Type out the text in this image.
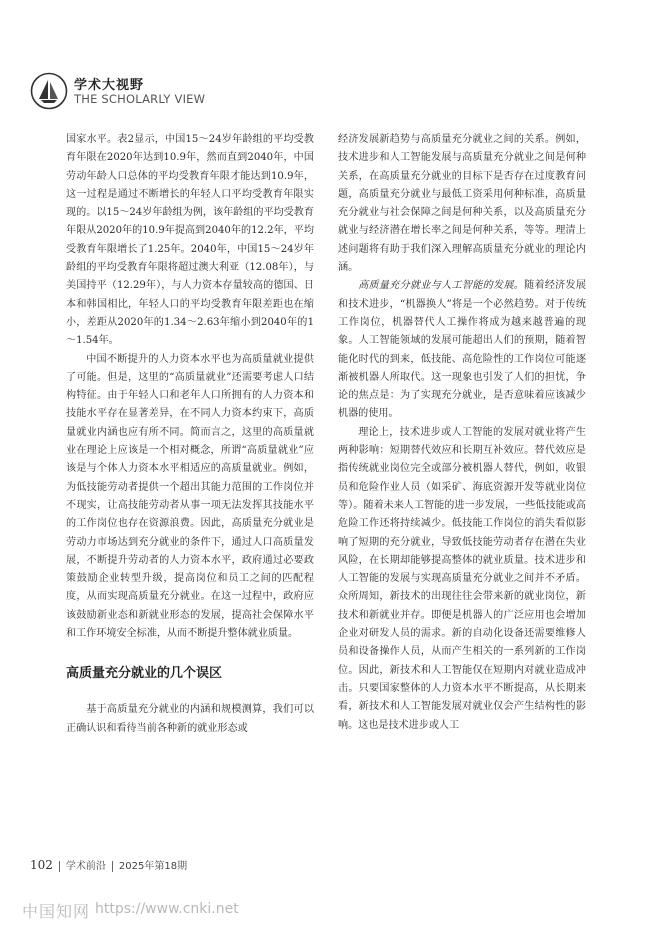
学术大视野
THE SCHOLARLY VIEW

国家水平。表2显示，中国15～24岁年龄组的平均受教育年限在2020年达到10.9年，然而直到2040年，中国劳动年龄人口总体的平均受教育年限才能达到10.9年，这一过程是通过不断增长的年轻人口平均受教育年限实现的。以15～24岁年龄组为例，该年龄组的平均受教育年限从2020年的10.9年提高到2040年的12.2年，平均受教育年限增长了1.25年。2040年，中国15～24岁年龄组的平均受教育年限将超过澳大利亚（12.08年），与美国持平（12.29年），与人力资本存量较高的德国、日本和韩国相比，年轻人口的平均受教育年限差距也在缩小，差距从2020年的1.34～2.63年缩小到2040年的1～1.54年。

中国不断提升的人力资本水平也为高质量就业提供了可能。但是，这里的“高质量就业”还需要考虑人口结构特征。由于年轻人口和老年人口所拥有的人力资本和技能水平存在显著差异，在不同人力资本约束下，高质量就业内涵也应有所不同。简而言之，这里的高质量就业在理论上应该是一个相对概念，所谓“高质量就业”应该是与个体人力资本水平相适应的高质量就业。例如，为低技能劳动者提供一个超出其能力范围的工作岗位并不现实，让高技能劳动者从事一项无法发挥其技能水平的工作岗位也存在资源浪费。因此，高质量充分就业是劳动力市场达到充分就业的条件下，通过人口高质量发展，不断提升劳动者的人力资本水平，政府通过必要政策鼓励企业转型升级，提高岗位和员工之间的匹配程度，从而实现高质量充分就业。在这一过程中，政府应该鼓励新业态和新就业形态的发展，提高社会保障水平和工作环境安全标准，从而不断提升整体就业质量。

高质量充分就业的几个误区

基于高质量充分就业的内涵和规模测算，我们可以正确认识和看待当前各种新的就业形态或

经济发展新趋势与高质量充分就业之间的关系。例如，技术进步和人工智能发展与高质量充分就业之间是何种关系，在高质量充分就业的目标下是否存在过度教育问题，高质量充分就业与最低工资采用何种标准，高质量充分就业与社会保障之间是何种关系，以及高质量充分就业与经济潜在增长率之间是何种关系，等等。理清上述问题将有助于我们深入理解高质量充分就业的理论内涵。

高质量充分就业与人工智能的发展。随着经济发展和技术进步，“机器换人”将是一个必然趋势。对于传统工作岗位，机器替代人工操作将成为越来越普遍的现象。人工智能领域的发展可能超出人们的预期，随着智能化时代的到来，低技能、高危险性的工作岗位可能逐渐被机器人所取代。这一现象也引发了人们的担忧，争论的焦点是：为了实现充分就业，是否意味着应该减少机器的使用。

理论上，技术进步或人工智能的发展对就业将产生两种影响：短期替代效应和长期互补效应。替代效应是指传统就业岗位完全或部分被机器人替代，例如，收银员和危险作业人员（如采矿、海底资源开发等就业岗位等）。随着未来人工智能的进一步发展，一些低技能或高危险工作还将持续减少。低技能工作岗位的消失看似影响了短期的充分就业，导致低技能劳动者存在潜在失业风险，在长期却能够提高整体的就业质量。技术进步和人工智能的发展与实现高质量充分就业之间并不矛盾。众所周知，新技术的出现往往会带来新的就业岗位，新技术和新就业并存。即便是机器人的广泛应用也会增加企业对研发人员的需求。新的自动化设备还需要维修人员和设备操作人员，从而产生相关的一系列新的工作岗位。因此，新技术和人工智能仅在短期内对就业造成冲击。只要国家整体的人力资本水平不断提高，从长期来看，新技术和人工智能发展对就业仅会产生结构性的影响。这也是技术进步或人工

102 学术前沿 2025年第18期
中国知网 https://www.cnki.net
